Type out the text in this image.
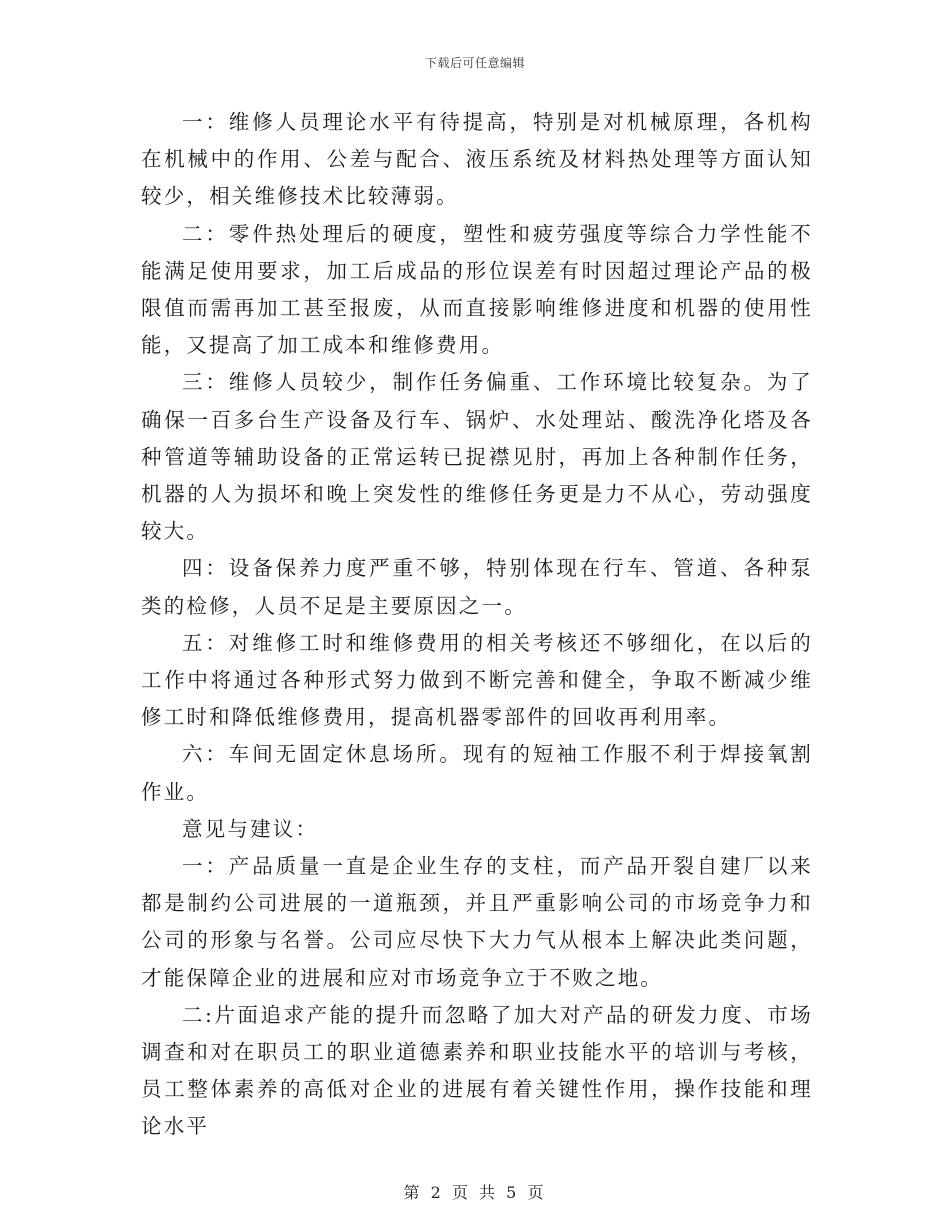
下载后可任意编辑

一：维修人员理论水平有待提高，特别是对机械原理，各机构在机械中的作用、公差与配合、液压系统及材料热处理等方面认知较少，相关维修技术比较薄弱。

二：零件热处理后的硬度，塑性和疲劳强度等综合力学性能不能满足使用要求，加工后成品的形位误差有时因超过理论产品的极限值而需再加工甚至报废，从而直接影响维修进度和机器的使用性能，又提高了加工成本和维修费用。

三：维修人员较少，制作任务偏重、工作环境比较复杂。为了确保一百多台生产设备及行车、锅炉、水处理站、酸洗净化塔及各种管道等辅助设备的正常运转已捉襟见肘，再加上各种制作任务，机器的人为损坏和晚上突发性的维修任务更是力不从心，劳动强度较大。

四：设备保养力度严重不够，特别体现在行车、管道、各种泵类的检修，人员不足是主要原因之一。

五：对维修工时和维修费用的相关考核还不够细化，在以后的工作中将通过各种形式努力做到不断完善和健全，争取不断减少维修工时和降低维修费用，提高机器零部件的回收再利用率。

六：车间无固定休息场所。现有的短袖工作服不利于焊接氧割作业。

意见与建议：

一：产品质量一直是企业生存的支柱，而产品开裂自建厂以来都是制约公司进展的一道瓶颈，并且严重影响公司的市场竞争力和公司的形象与名誉。公司应尽快下大力气从根本上解决此类问题，才能保障企业的进展和应对市场竞争立于不败之地。

二:片面追求产能的提升而忽略了加大对产品的研发力度、市场调查和对在职员工的职业道德素养和职业技能水平的培训与考核，员工整体素养的高低对企业的进展有着关键性作用，操作技能和理论水平

第 2 页 共 5 页
